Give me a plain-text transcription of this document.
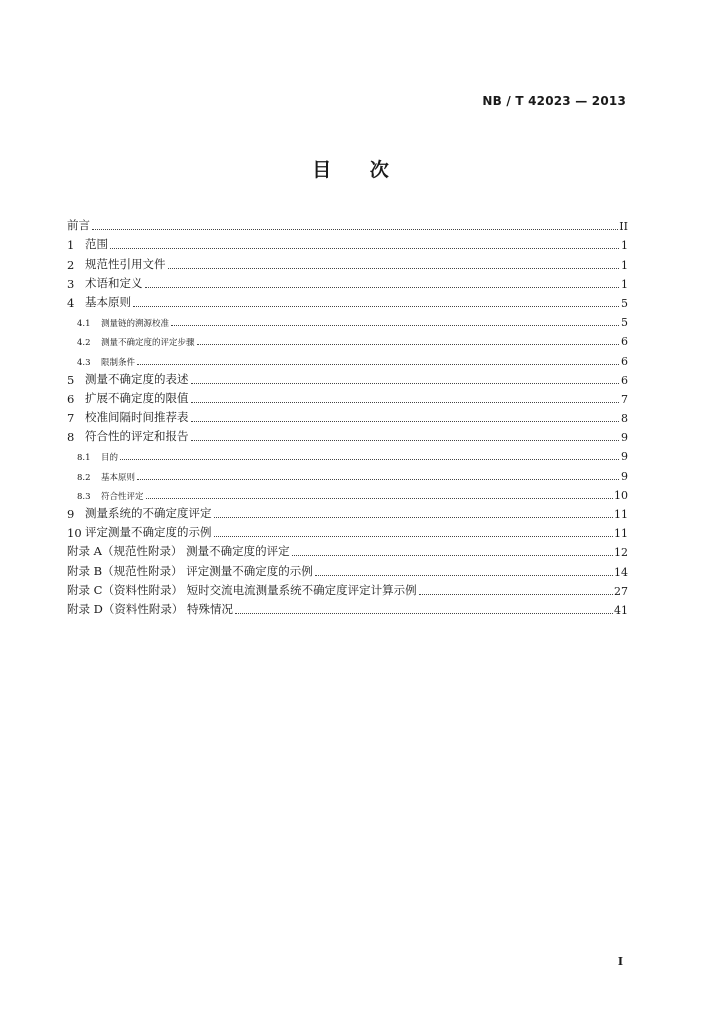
NB / T 42023 — 2013
目 次
前言	II
1 范围	1
2 规范性引用文件	1
3 术语和定义	1
4 基本原则	5
4.1	测量链的溯源校准	5
4.2	测量不确定度的评定步骤	6
4.3	限制条件	6
5 测量不确定度的表述	6
6 扩展不确定度的限值	7
7 校准间隔时间推荐表	8
8 符合性的评定和报告	9
8.1	目的	9
8.2	基本原则	9
8.3	符合性评定	10
9 测量系统的不确定度评定	11
10 评定测量不确定度的示例	11
附录 A（规范性附录） 测量不确定度的评定	12
附录 B（规范性附录） 评定测量不确定度的示例	14
附录 C（资料性附录） 短时交流电流测量系统不确定度评定计算示例	27
附录 D（资料性附录） 特殊情况	41
I
